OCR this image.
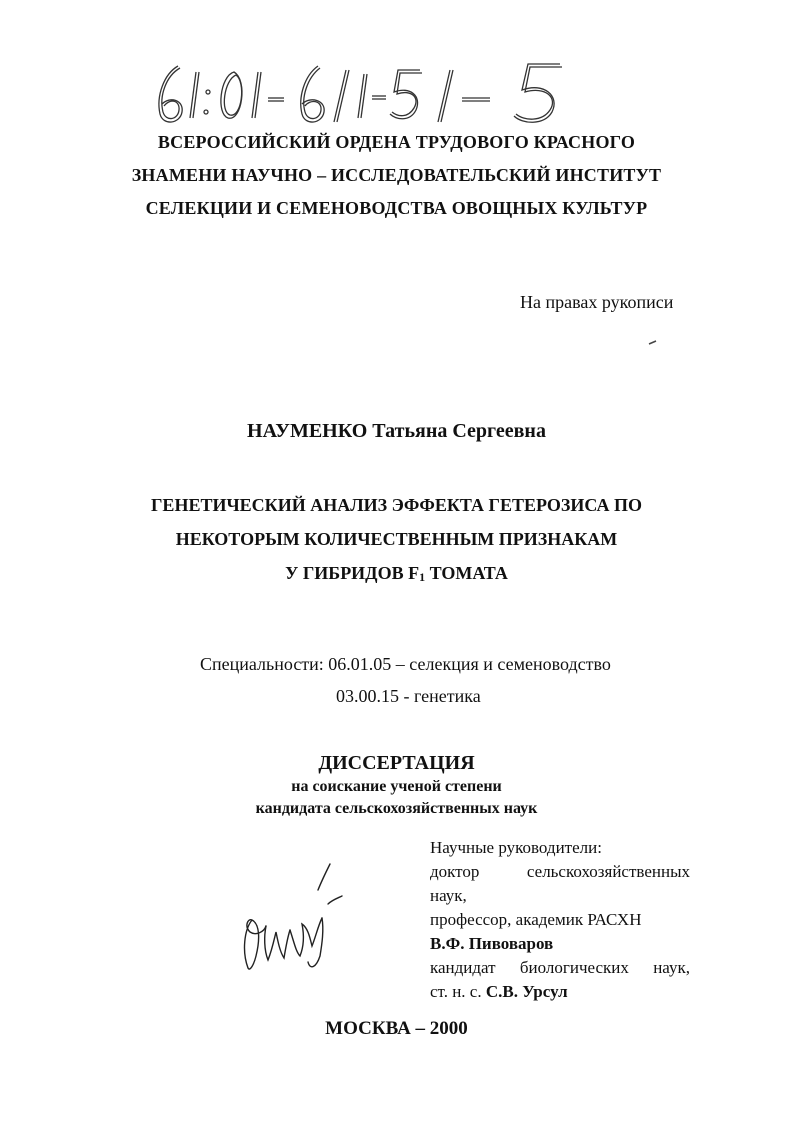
ВСЕРОССИЙСКИЙ ОРДЕНА ТРУДОВОГО КРАСНОГО
ЗНАМЕНИ НАУЧНО – ИССЛЕДОВАТЕЛЬСКИЙ ИНСТИТУТ
СЕЛЕКЦИИ И СЕМЕНОВОДСТВА ОВОЩНЫХ КУЛЬТУР
На правах рукописи
НАУМЕНКО Татьяна Сергеевна
ГЕНЕТИЧЕСКИЙ АНАЛИЗ ЭФФЕКТА ГЕТЕРОЗИСА ПО
НЕКОТОРЫМ КОЛИЧЕСТВЕННЫМ ПРИЗНАКАМ
У ГИБРИДОВ $F_1$ ТОМАТА
Специальности: 06.01.05 – селекция и семеноводство
03.00.15 - генетика
ДИССЕРТАЦИЯ
на соискание ученой степени
кандидата сельскохозяйственных наук
Научные руководители:
доктор	сельскохозяйственных
наук,
профессор, академик РАСХН
В.Ф. Пивоваров
кандидат биологических наук,
ст. н. с. С.В. Урсул
МОСКВА – 2000
